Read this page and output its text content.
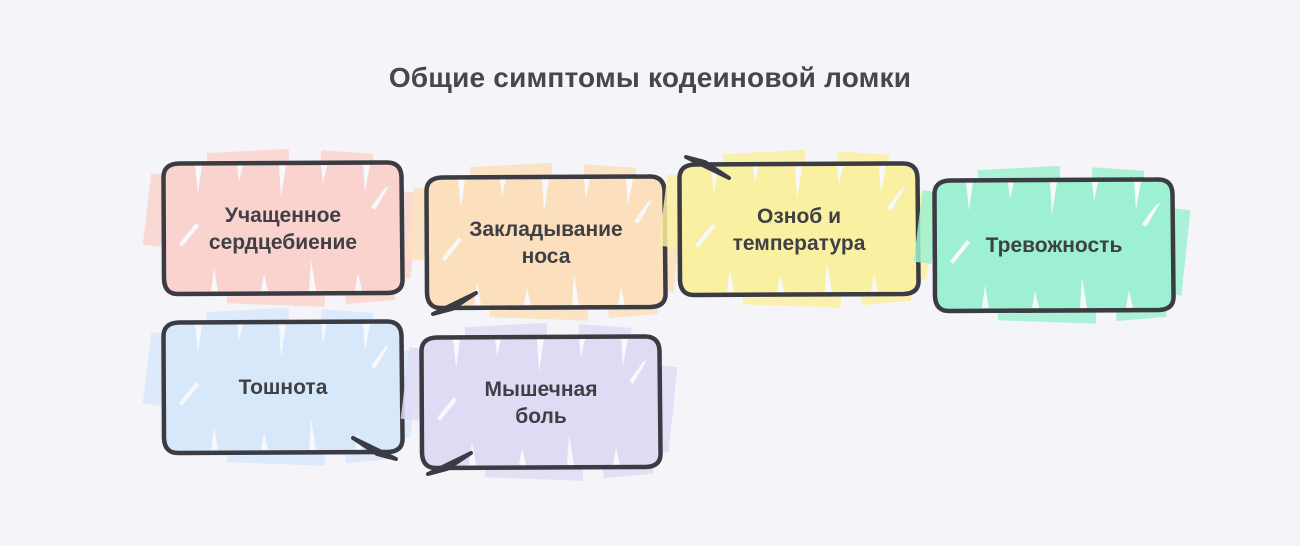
Общие симптомы кодеиновой ломки
Учащенное сердцебиение
Закладывание носа
Озноб и температура	Тревожность
Тошнота	Мышечная боль
